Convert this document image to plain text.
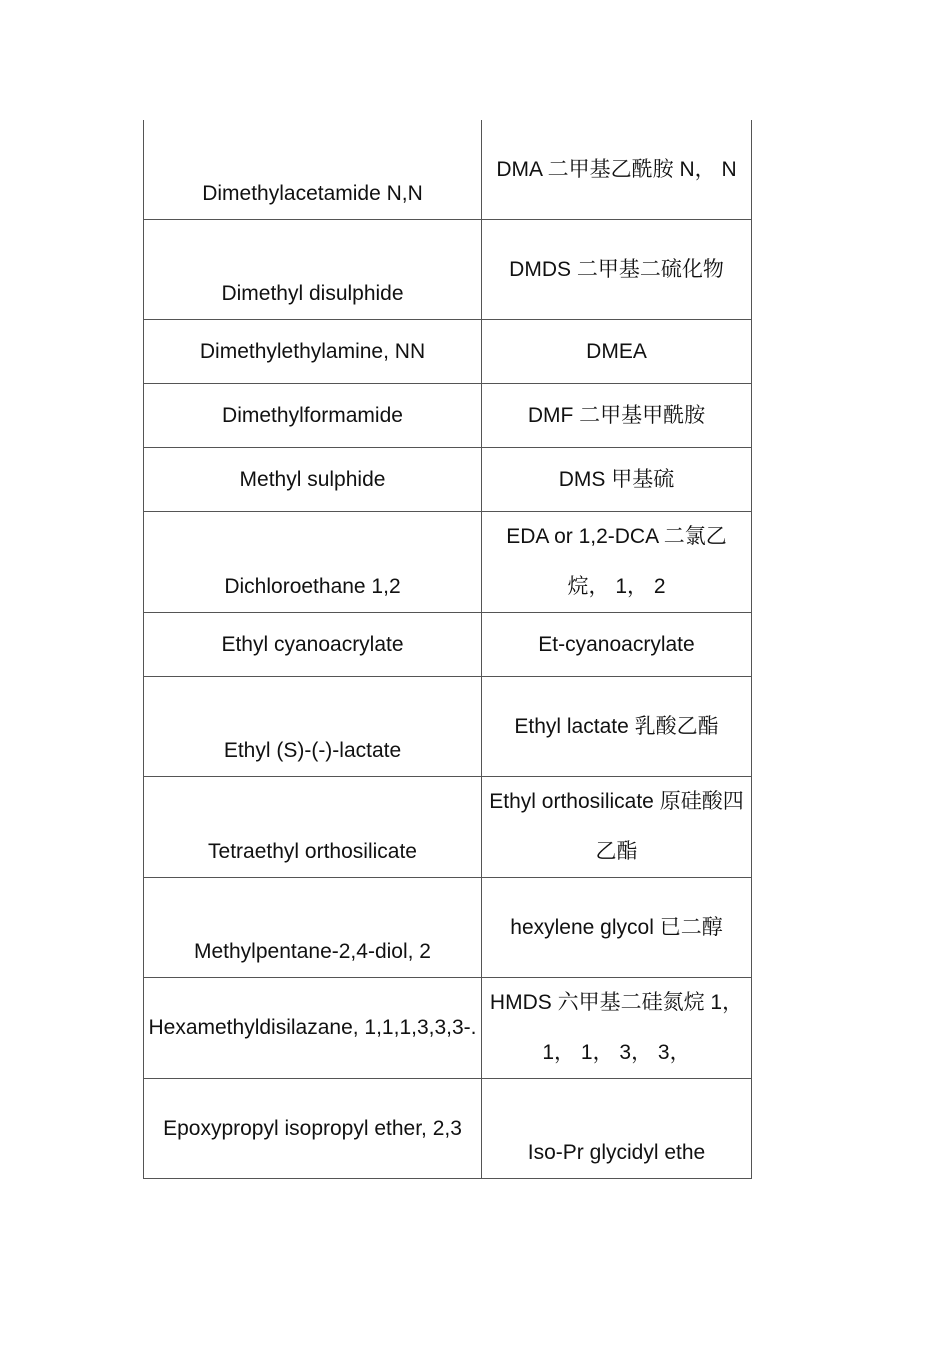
Dimethylacetamide N,N	DMA 二甲基乙酰胺 N， N

Dimethyl disulphide	DMDS 二甲基二硫化物
Dimethylethylamine, NN	DMEA
Dimethylformamide	DMF 二甲基甲酰胺
Methyl sulphide	DMS 甲基硫

Dichloroethane 1,2	EDA or 1,2-DCA 二氯乙烷， 1， 2
Ethyl cyanoacrylate	Et-cyanoacrylate

Ethyl (S)-(-)-lactate	Ethyl lactate 乳酸乙酯

Tetraethyl orthosilicate	Ethyl orthosilicate 原硅酸四乙酯

Methylpentane-2,4-diol, 2	hexylene glycol 已二醇
Hexamethyldisilazane, 1,1,1,3,3,3-.	HMDS 六甲基二硅氮烷 1， 1， 1， 3， 3，
Epoxypropyl isopropyl ether, 2,3	Iso-Pr glycidyl ethe
